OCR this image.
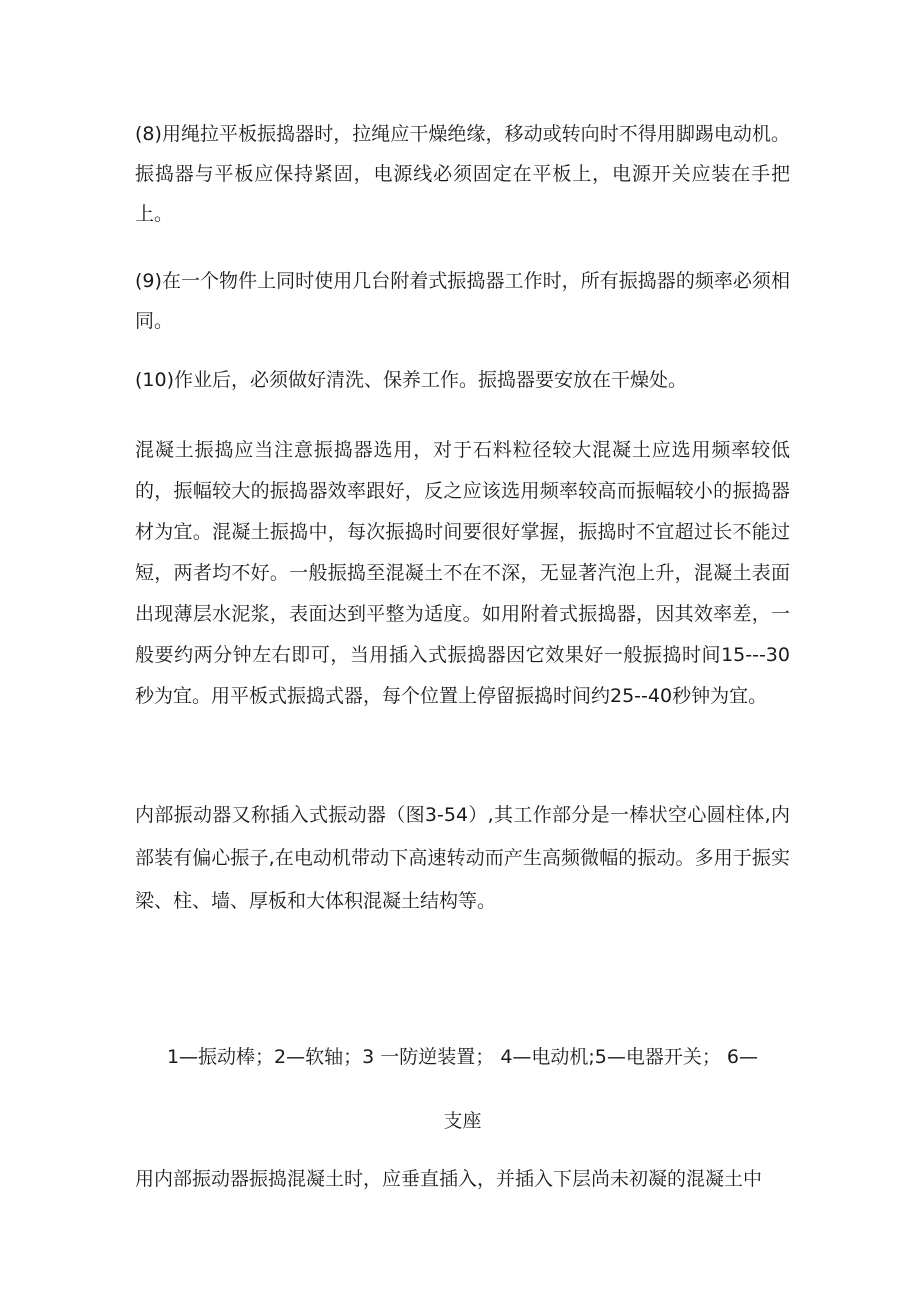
(8)用绳拉平板振捣器时，拉绳应干燥绝缘，移动或转向时不得用脚踢电动机。振捣器与平板应保持紧固，电源线必须固定在平板上，电源开关应装在手把上。

(9)在一个物件上同时使用几台附着式振捣器工作时，所有振捣器的频率必须相同。

(10)作业后，必须做好清洗、保养工作。振捣器要安放在干燥处。

混凝土振捣应当注意振捣器选用，对于石料粒径较大混凝土应选用频率较低的，振幅较大的振捣器效率跟好，反之应该选用频率较高而振幅较小的振捣器材为宜。混凝土振捣中，每次振捣时间要很好掌握，振捣时不宜超过长不能过短，两者均不好。一般振捣至混凝土不在不深，无显著汽泡上升，混凝土表面出现薄层水泥浆，表面达到平整为适度。如用附着式振捣器，因其效率差，一般要约两分钟左右即可，当用插入式振捣器因它效果好一般振捣时间15---30秒为宜。用平板式振捣式器，每个位置上停留振捣时间约25--40秒钟为宜。

内部振动器又称插入式振动器（图3-54）,其工作部分是一棒状空心圆柱体,内部装有偏心振子,在电动机带动下高速转动而产生高频微幅的振动。多用于振实梁、柱、墙、厚板和大体积混凝土结构等。

1—振动棒；2—软轴；3 一防逆装置； 4—电动机;5—电器开关； 6—
支座

用内部振动器振捣混凝土时，应垂直插入，并插入下层尚未初凝的混凝土中
